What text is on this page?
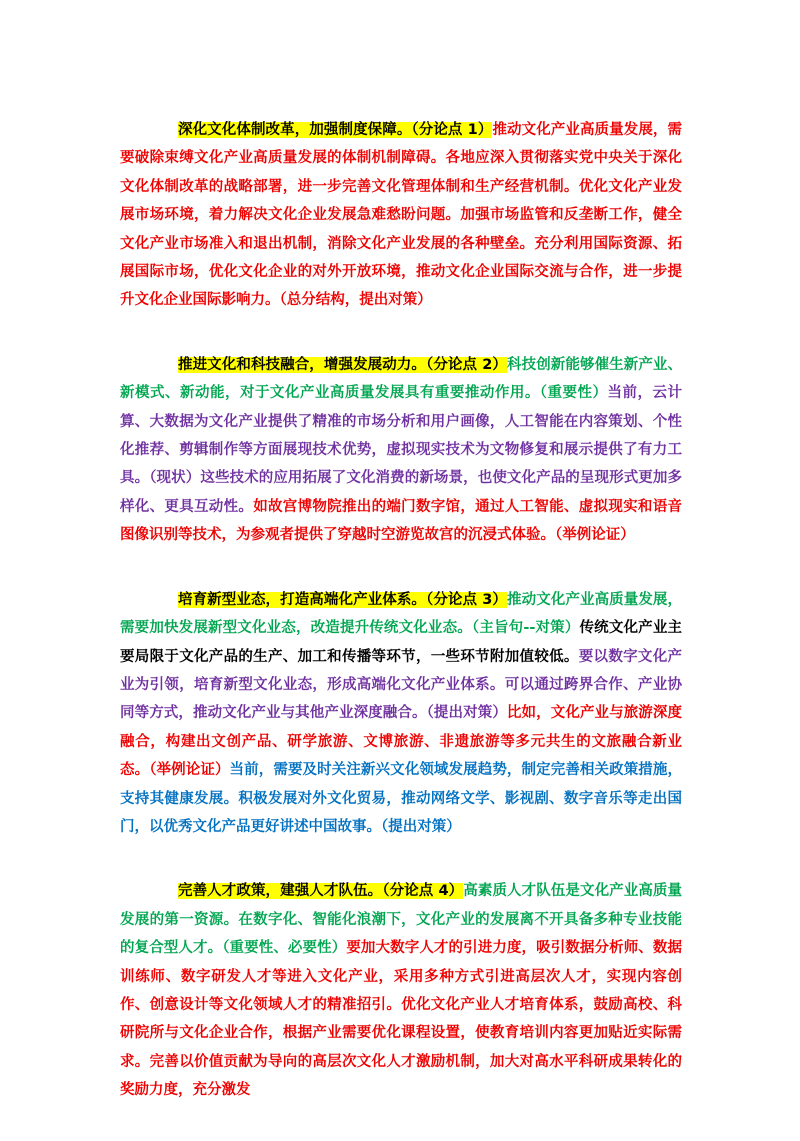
深化文化体制改革，加强制度保障。（分论点 1）推动文化产业高质量发展，需要破除束缚文化产业高质量发展的体制机制障碍。各地应深入贯彻落实党中央关于深化文化体制改革的战略部署，进一步完善文化管理体制和生产经营机制。优化文化产业发展市场环境，着力解决文化企业发展急难愁盼问题。加强市场监管和反垄断工作，健全文化产业市场准入和退出机制，消除文化产业发展的各种壁垒。充分利用国际资源、拓展国际市场，优化文化企业的对外开放环境，推动文化企业国际交流与合作，进一步提升文化企业国际影响力。（总分结构，提出对策）

推进文化和科技融合，增强发展动力。（分论点 2）科技创新能够催生新产业、新模式、新动能，对于文化产业高质量发展具有重要推动作用。（重要性）当前，云计算、大数据为文化产业提供了精准的市场分析和用户画像，人工智能在内容策划、个性化推荐、剪辑制作等方面展现技术优势，虚拟现实技术为文物修复和展示提供了有力工具。（现状）这些技术的应用拓展了文化消费的新场景，也使文化产品的呈现形式更加多样化、更具互动性。如故宫博物院推出的端门数字馆，通过人工智能、虚拟现实和语音图像识别等技术，为参观者提供了穿越时空游览故宫的沉浸式体验。（举例论证）

培育新型业态，打造高端化产业体系。（分论点 3）推动文化产业高质量发展，需要加快发展新型文化业态，改造提升传统文化业态。（主旨句--对策）传统文化产业主要局限于文化产品的生产、加工和传播等环节，一些环节附加值较低。要以数字文化产业为引领，培育新型文化业态，形成高端化文化产业体系。可以通过跨界合作、产业协同等方式，推动文化产业与其他产业深度融合。（提出对策）比如，文化产业与旅游深度融合，构建出文创产品、研学旅游、文博旅游、非遗旅游等多元共生的文旅融合新业态。（举例论证）当前，需要及时关注新兴文化领域发展趋势，制定完善相关政策措施，支持其健康发展。积极发展对外文化贸易，推动网络文学、影视剧、数字音乐等走出国门，以优秀文化产品更好讲述中国故事。（提出对策）

完善人才政策，建强人才队伍。（分论点 4）高素质人才队伍是文化产业高质量发展的第一资源。在数字化、智能化浪潮下，文化产业的发展离不开具备多种专业技能的复合型人才。（重要性、必要性）要加大数字人才的引进力度，吸引数据分析师、数据训练师、数字研发人才等进入文化产业，采用多种方式引进高层次人才，实现内容创作、创意设计等文化领域人才的精准招引。优化文化产业人才培育体系，鼓励高校、科研院所与文化企业合作，根据产业需要优化课程设置，使教育培训内容更加贴近实际需求。完善以价值贡献为导向的高层次文化人才激励机制，加大对高水平科研成果转化的奖励力度，充分激发
